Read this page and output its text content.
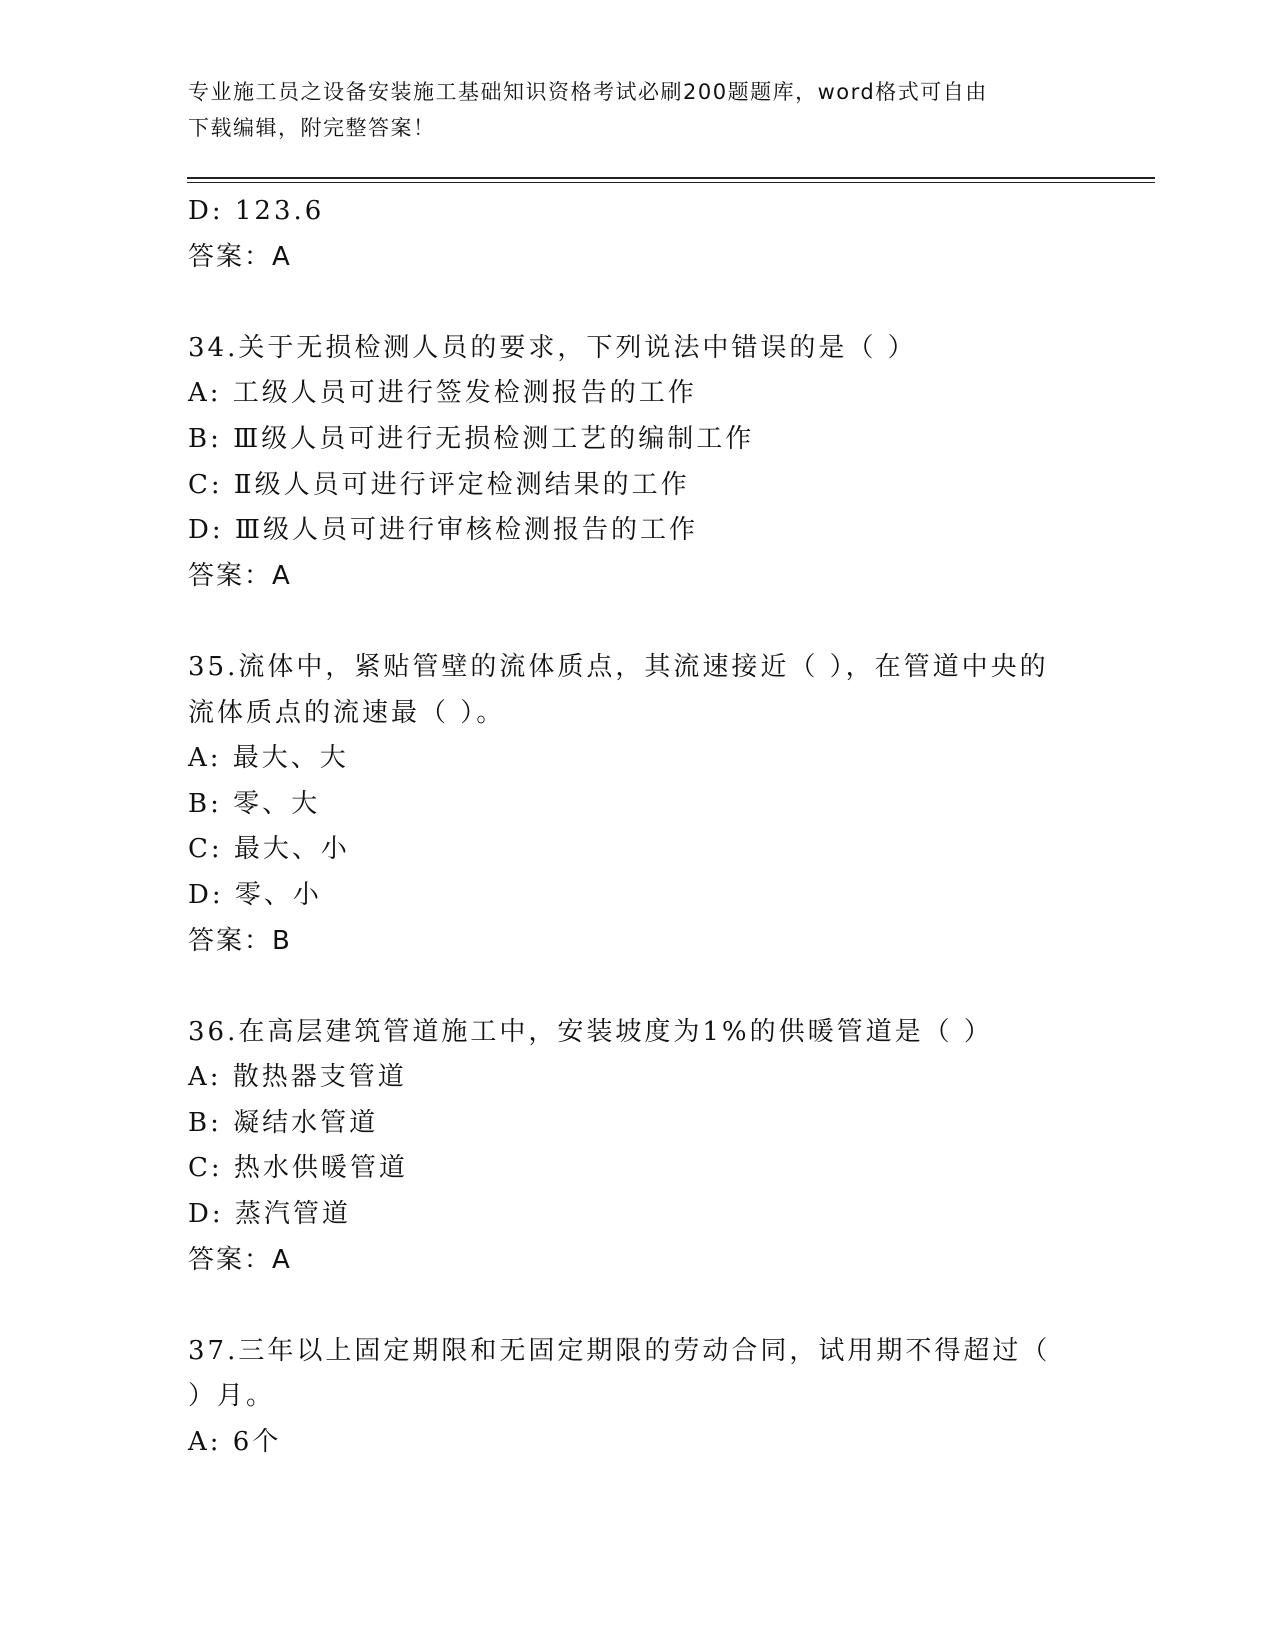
专业施工员之设备安装施工基础知识资格考试必刷200题题库，word格式可自由
下载编辑，附完整答案！
D: 123.6
答案：A
34.关于无损检测人员的要求，下列说法中错误的是（ ）
A: 工级人员可进行签发检测报告的工作
B: Ⅲ级人员可进行无损检测工艺的编制工作
C: Ⅱ级人员可进行评定检测结果的工作
D: Ⅲ级人员可进行审核检测报告的工作
答案：A
35.流体中，紧贴管壁的流体质点，其流速接近（ ），在管道中央的
流体质点的流速最（ ）。
A: 最大、大
B: 零、大
C: 最大、小
D: 零、小
答案：B
36.在高层建筑管道施工中，安装坡度为1%的供暖管道是（ ）
A: 散热器支管道
B: 凝结水管道
C: 热水供暖管道
D: 蒸汽管道
答案：A
37.三年以上固定期限和无固定期限的劳动合同，试用期不得超过（
）月。
A: 6个
